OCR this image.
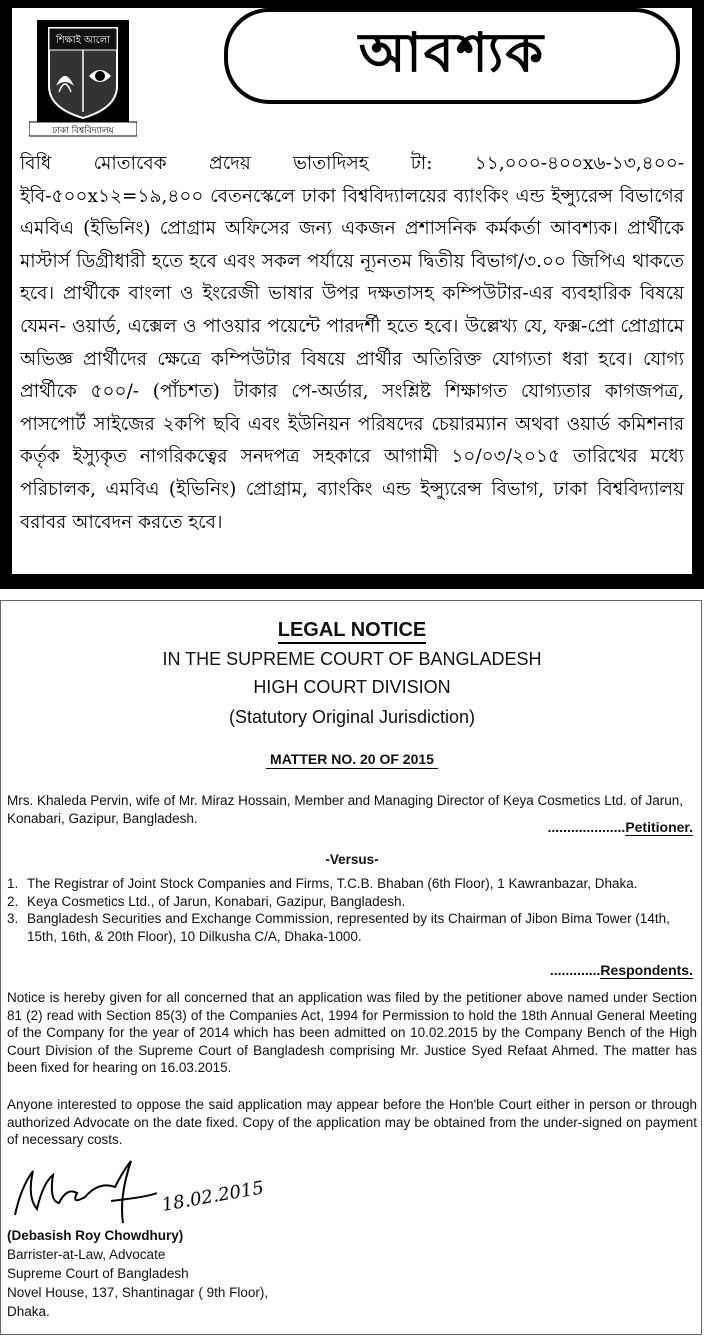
শিক্ষাই আলো
ঢাকা বিশ্ববিদ্যালয়
আবশ্যক

বিধি মোতাবেক প্রদেয় ভাতাদিসহ টা: ১১,০০০-৪০০x৬-১৩,৪০০-ইবি-৫০০x১২=১৯,৪০০ বেতনস্কেলে ঢাকা বিশ্ববিদ্যালয়ের ব্যাংকিং এন্ড ইন্স্যুরেন্স বিভাগের এমবিএ (ইভিনিং) প্রোগ্রাম অফিসের জন্য একজন প্রশাসনিক কর্মকর্তা আবশ্যক। প্রার্থীকে মাস্টার্স ডিগ্রীধারী হতে হবে এবং সকল পর্যায়ে ন্যূনতম দ্বিতীয় বিভাগ/৩.০০ জিপিএ থাকতে হবে। প্রার্থীকে বাংলা ও ইংরেজী ভাষার উপর দক্ষতাসহ কম্পিউটার-এর ব্যবহারিক বিষয়ে যেমন- ওয়ার্ড, এক্সেল ও পাওয়ার পয়েন্টে পারদর্শী হতে হবে। উল্লেখ্য যে, ফক্স-প্রো প্রোগ্রামে অভিজ্ঞ প্রার্থীদের ক্ষেত্রে কম্পিউটার বিষয়ে প্রার্থীর অতিরিক্ত যোগ্যতা ধরা হবে। যোগ্য প্রার্থীকে ৫০০/- (পাঁচশত) টাকার পে-অর্ডার, সংশ্লিষ্ট শিক্ষাগত যোগ্যতার কাগজপত্র, পাসপোর্ট সাইজের ২কপি ছবি এবং ইউনিয়ন পরিষদের চেয়ারম্যান অথবা ওয়ার্ড কমিশনার কর্তৃক ইস্যুকৃত নাগরিকত্বের সনদপত্র সহকারে আগামী ১০/০৩/২০১৫ তারিখের মধ্যে পরিচালক, এমবিএ (ইভিনিং) প্রোগ্রাম, ব্যাংকিং এন্ড ইন্স্যুরেন্স বিভাগ, ঢাকা বিশ্ববিদ্যালয় বরাবর আবেদন করতে হবে।

LEGAL NOTICE
IN THE SUPREME COURT OF BANGLADESH
HIGH COURT DIVISION
(Statutory Original Jurisdiction)
MATTER NO. 20 OF 2015
Mrs. Khaleda Pervin, wife of Mr. Miraz Hossain, Member and Managing Director of Keya Cosmetics Ltd. of Jarun, Konabari, Gazipur, Bangladesh.
....................Petitioner.
-Versus-
1. The Registrar of Joint Stock Companies and Firms, T.C.B. Bhaban (6th Floor), 1 Kawranbazar, Dhaka.
2. Keya Cosmetics Ltd., of Jarun, Konabari, Gazipur, Bangladesh.
3. Bangladesh Securities and Exchange Commission, represented by its Chairman of Jibon Bima Tower (14th, 15th, 16th, & 20th Floor), 10 Dilkusha C/A, Dhaka-1000.
.............Respondents.
Notice is hereby given for all concerned that an application was filed by the petitioner above named under Section 81 (2) read with Section 85(3) of the Companies Act, 1994 for Permission to hold the 18th Annual General Meeting of the Company for the year of 2014 which has been admitted on 10.02.2015 by the Company Bench of the High Court Division of the Supreme Court of Bangladesh comprising Mr. Justice Syed Refaat Ahmed. The matter has been fixed for hearing on 16.03.2015.
Anyone interested to oppose the said application may appear before the Hon'ble Court either in person or through authorized Advocate on the date fixed. Copy of the application may be obtained from the under-signed on payment of necessary costs.
18.02.2015
(Debasish Roy Chowdhury)
Barrister-at-Law, Advocate
Supreme Court of Bangladesh
Novel House, 137, Shantinagar ( 9th Floor),
Dhaka.
